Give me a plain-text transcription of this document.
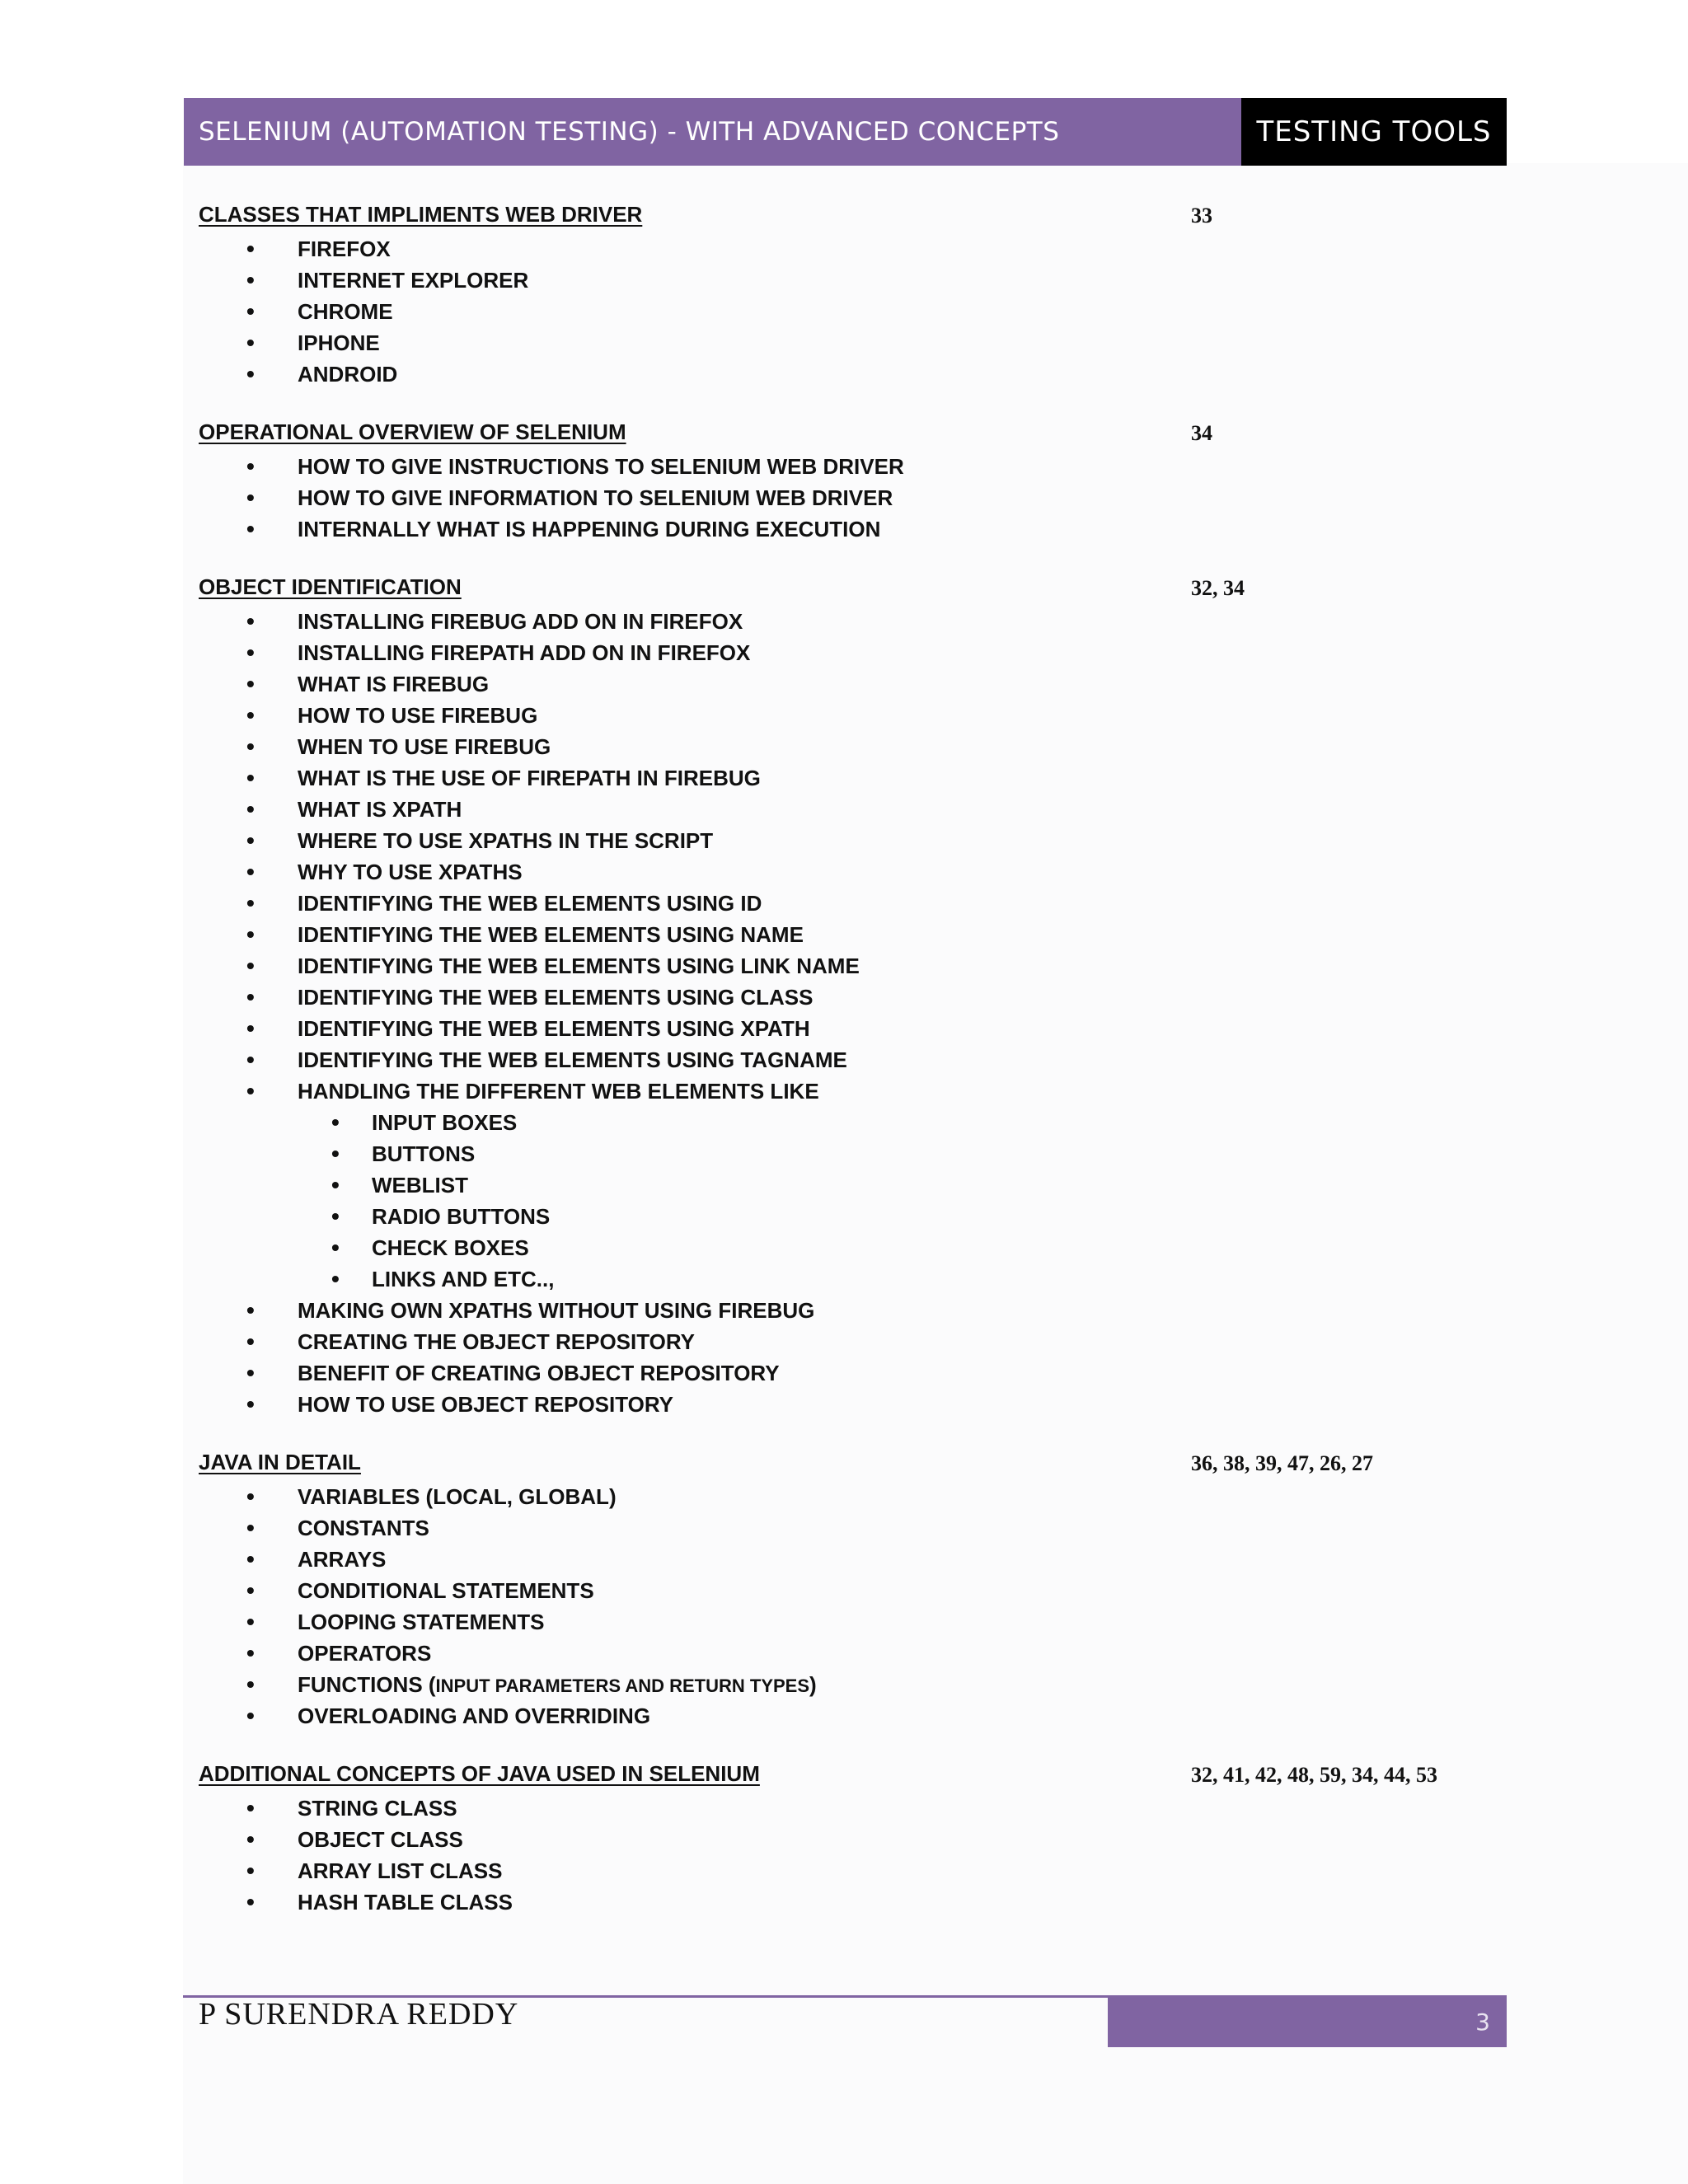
SELENIUM (AUTOMATION TESTING) - WITH ADVANCED CONCEPTS	TESTING TOOLS
CLASSES THAT IMPLIMENTS WEB DRIVER	33
• FIREFOX
• INTERNET EXPLORER
• CHROME
• IPHONE
• ANDROID
OPERATIONAL OVERVIEW OF SELENIUM	34
• HOW TO GIVE INSTRUCTIONS TO SELENIUM WEB DRIVER
• HOW TO GIVE INFORMATION TO SELENIUM WEB DRIVER
• INTERNALLY WHAT IS HAPPENING DURING EXECUTION
OBJECT IDENTIFICATION	32, 34
• INSTALLING FIREBUG ADD ON IN FIREFOX
• INSTALLING FIREPATH ADD ON IN FIREFOX
• WHAT IS FIREBUG
• HOW TO USE FIREBUG
• WHEN TO USE FIREBUG
• WHAT IS THE USE OF FIREPATH IN FIREBUG
• WHAT IS XPATH
• WHERE TO USE XPATHS IN THE SCRIPT
• WHY TO USE XPATHS
• IDENTIFYING THE WEB ELEMENTS USING ID
• IDENTIFYING THE WEB ELEMENTS USING NAME
• IDENTIFYING THE WEB ELEMENTS USING LINK NAME
• IDENTIFYING THE WEB ELEMENTS USING CLASS
• IDENTIFYING THE WEB ELEMENTS USING XPATH
• IDENTIFYING THE WEB ELEMENTS USING TAGNAME
• HANDLING THE DIFFERENT WEB ELEMENTS LIKE
• INPUT BOXES
• BUTTONS
• WEBLIST
• RADIO BUTTONS
• CHECK BOXES
• LINKS AND ETC..,
• MAKING OWN XPATHS WITHOUT USING FIREBUG
• CREATING THE OBJECT REPOSITORY
• BENEFIT OF CREATING OBJECT REPOSITORY
• HOW TO USE OBJECT REPOSITORY
JAVA IN DETAIL	36, 38, 39, 47, 26, 27
• VARIABLES (LOCAL, GLOBAL)
• CONSTANTS
• ARRAYS
• CONDITIONAL STATEMENTS
• LOOPING STATEMENTS
• OPERATORS
• FUNCTIONS (INPUT PARAMETERS AND RETURN TYPES)
• OVERLOADING AND OVERRIDING
ADDITIONAL CONCEPTS OF JAVA USED IN SELENIUM	32, 41, 42, 48, 59, 34, 44, 53
• STRING CLASS
• OBJECT CLASS
• ARRAY LIST CLASS
• HASH TABLE CLASS
P SURENDRA REDDY	3
